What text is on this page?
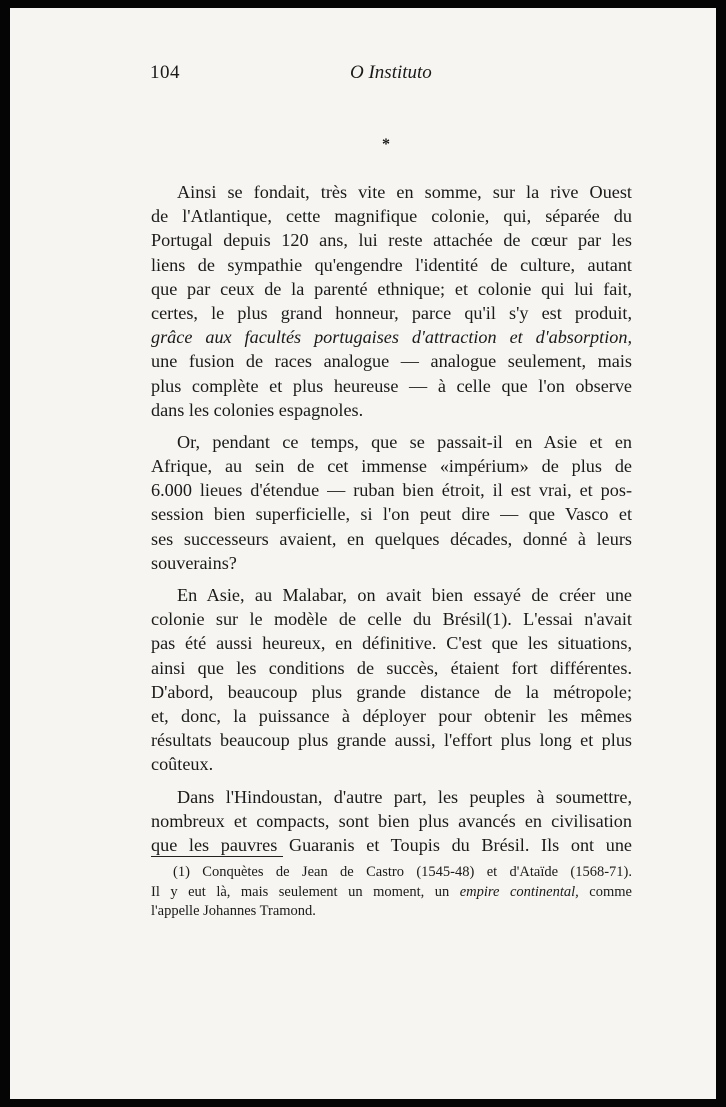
104	O Instituto
*
Ainsi se fondait, très vite en somme, sur la rive Ouest
de l'Atlantique, cette magnifique colonie, qui, séparée du
Portugal depuis 120 ans, lui reste attachée de cœur par les
liens de sympathie qu'engendre l'identité de culture, autant
que par ceux de la parenté ethnique; et colonie qui lui fait,
certes, le plus grand honneur, parce qu'il s'y est produit,
grâce aux facultés portugaises d'attraction et d'absorption,
une fusion de races analogue — analogue seulement, mais
plus complète et plus heureuse — à celle que l'on observe
dans les colonies espagnoles.
Or, pendant ce temps, que se passait-il en Asie et en
Afrique, au sein de cet immense «impérium» de plus de
6.000 lieues d'étendue — ruban bien étroit, il est vrai, et pos-
session bien superficielle, si l'on peut dire — que Vasco et
ses successeurs avaient, en quelques décades, donné à leurs
souverains?
En Asie, au Malabar, on avait bien essayé de créer une
colonie sur le modèle de celle du Brésil(1). L'essai n'avait
pas été aussi heureux, en définitive. C'est que les situations,
ainsi que les conditions de succès, étaient fort différentes.
D'abord, beaucoup plus grande distance de la métropole;
et, donc, la puissance à déployer pour obtenir les mêmes
résultats beaucoup plus grande aussi, l'effort plus long et plus
coûteux.
Dans l'Hindoustan, d'autre part, les peuples à soumettre,
nombreux et compacts, sont bien plus avancés en civilisation
que les pauvres Guaranis et Toupis du Brésil. Ils ont une
(1) Conquètes de Jean de Castro (1545-48) et d'Ataïde (1568-71).
Il y eut là, mais seulement un moment, un empire continental, comme
l'appelle Johannes Tramond.
